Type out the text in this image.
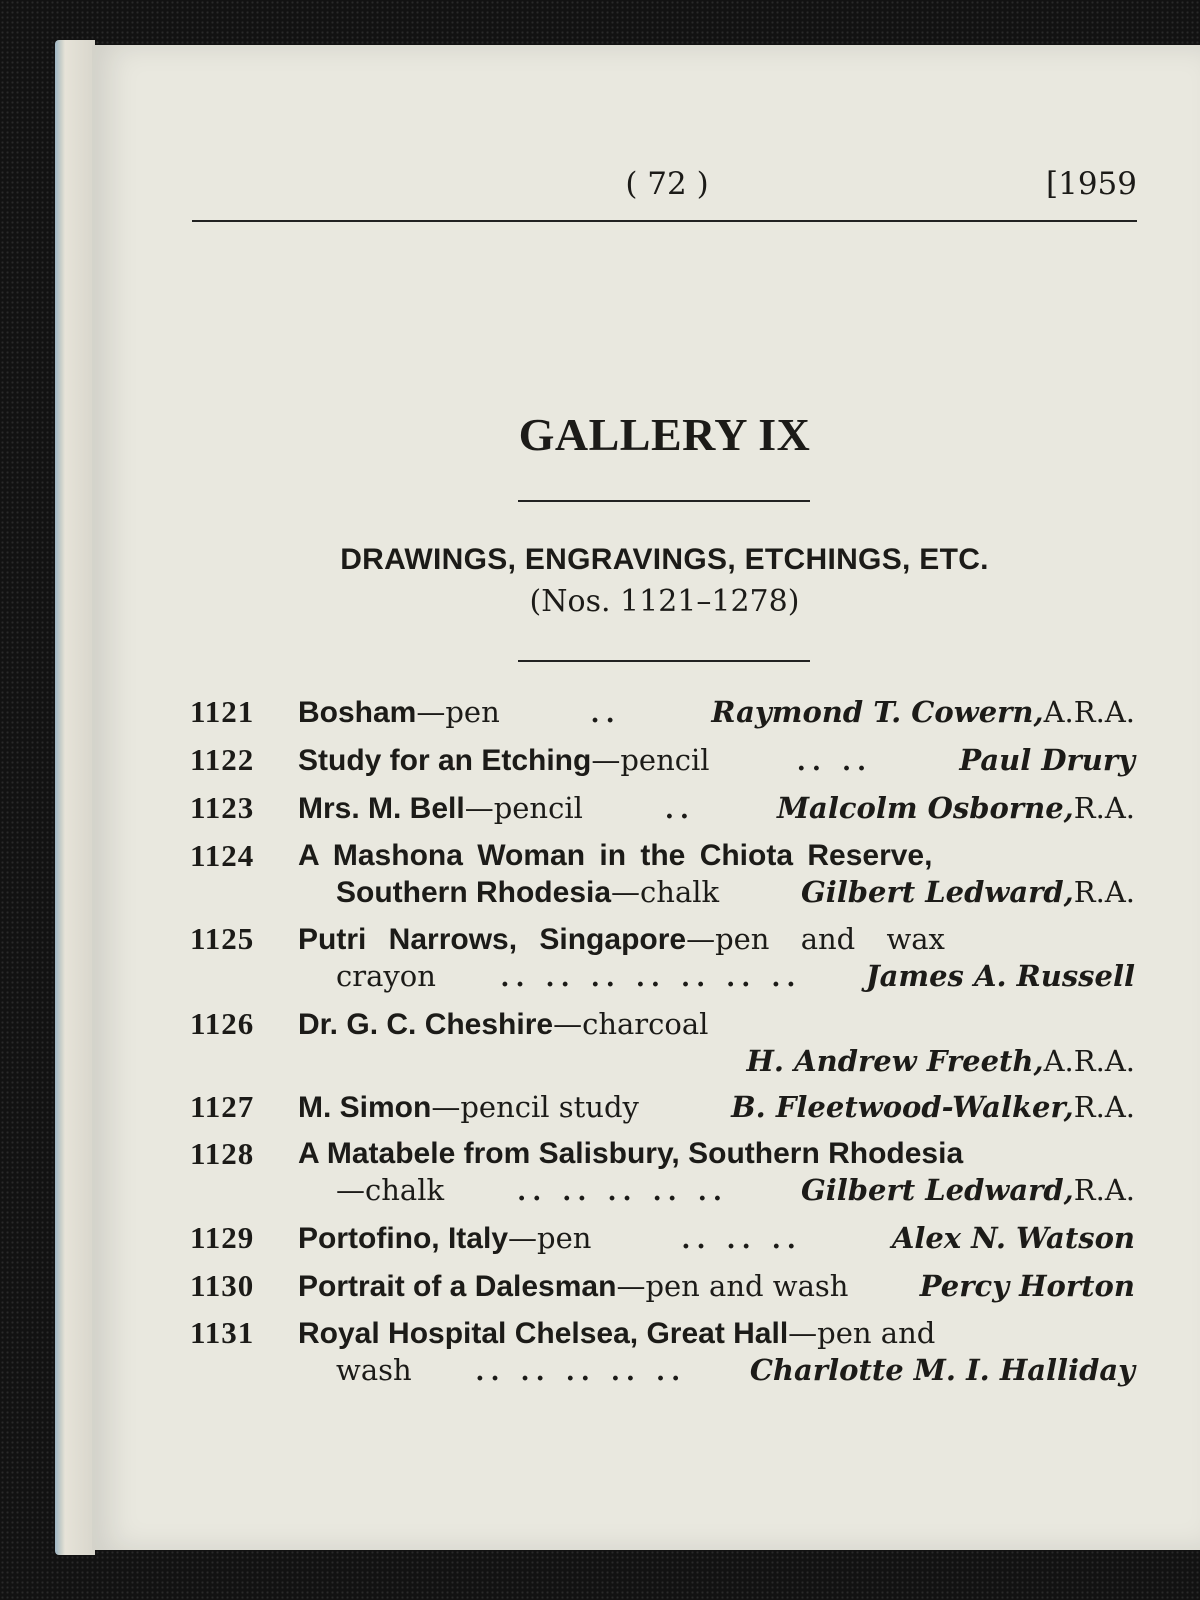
( 72 )	[1959
GALLERY IX
DRAWINGS, ENGRAVINGS, ETCHINGS, ETC.
(Nos. 1121–1278)
1121	Bosham —pen	..	Raymond T. Cowern, A.R.A.
1122	Study for an Etching —pencil	.. ..	Paul Drury
1123	Mrs. M. Bell —pencil	..	Malcolm Osborne, R.A.
1124	A Mashona Woman in the Chiota Reserve,
Southern Rhodesia —chalk	Gilbert Ledward, R.A.
1125	Putri Narrows, Singapore —pen and wax
crayon	.. .. .. .. .. .. ..	James A. Russell
1126	Dr. G. C. Cheshire —charcoal
H. Andrew Freeth, A.R.A.
1127	M. Simon —pencil study	B. Fleetwood-Walker, R.A.
1128	A Matabele from Salisbury, Southern Rhodesia
—chalk	.. .. .. .. ..	Gilbert Ledward, R.A.
1129	Portofino, Italy —pen	.. .. ..	Alex N. Watson
1130	Portrait of a Dalesman —pen and wash Percy Horton
1131	Royal Hospital Chelsea, Great Hall —pen and
wash	.. .. .. .. ..	Charlotte M. I. Halliday
